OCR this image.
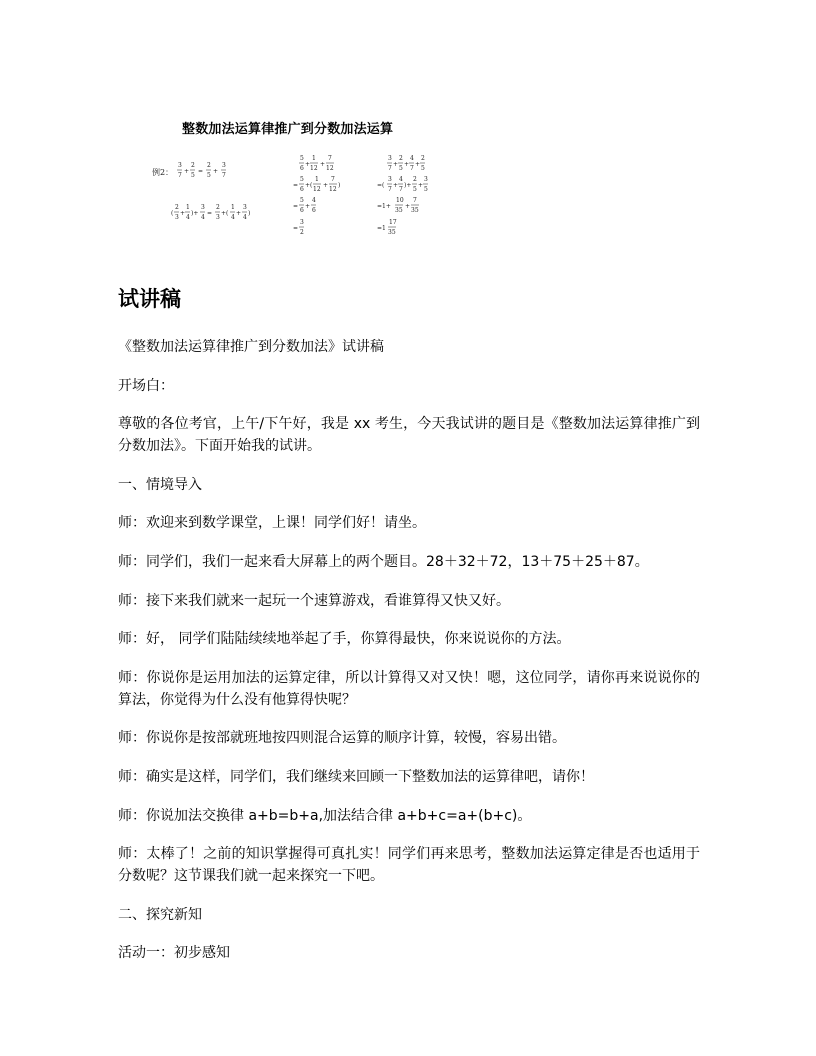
整数加法运算律推广到分数加法运算
例2：
3
7
+
2
5
=
2
5
+
3
7
(
2
3
+
1
4
)+
3
4
=
2
3
+(
1
4
+
3
4
)
5
6
+
1
12
+
7
12
=
5
6
+(
1
12
+
7
12
)
=
5
6
+
4
6
=
3
2
3
7
+
2
5
+
4
7
+
2
5
=(
3
7
+
4
7
)+
2
5
+
3
5
=1+
10
35
+
7
35
=1
17
35
试讲稿

《整数加法运算律推广到分数加法》试讲稿

开场白：

尊敬的各位考官，上午/下午好，我是 xx 考生，今天我试讲的题目是《整数加法运算律推广到分数加法》。下面开始我的试讲。

一、情境导入

师：欢迎来到数学课堂，上课！同学们好！请坐。

师：同学们，我们一起来看大屏幕上的两个题目。28＋32＋72，13＋75＋25＋87。

师：接下来我们就来一起玩一个速算游戏，看谁算得又快又好。

师：好， 同学们陆陆续续地举起了手，你算得最快，你来说说你的方法。

师：你说你是运用加法的运算定律，所以计算得又对又快！嗯，这位同学，请你再来说说你的算法，你觉得为什么没有他算得快呢？

师：你说你是按部就班地按四则混合运算的顺序计算，较慢，容易出错。

师：确实是这样，同学们，我们继续来回顾一下整数加法的运算律吧，请你！

师：你说加法交换律 a+b=b+a,加法结合律 a+b+c=a+(b+c)。

师：太棒了！之前的知识掌握得可真扎实！同学们再来思考，整数加法运算定律是否也适用于分数呢？这节课我们就一起来探究一下吧。

二、探究新知

活动一：初步感知
